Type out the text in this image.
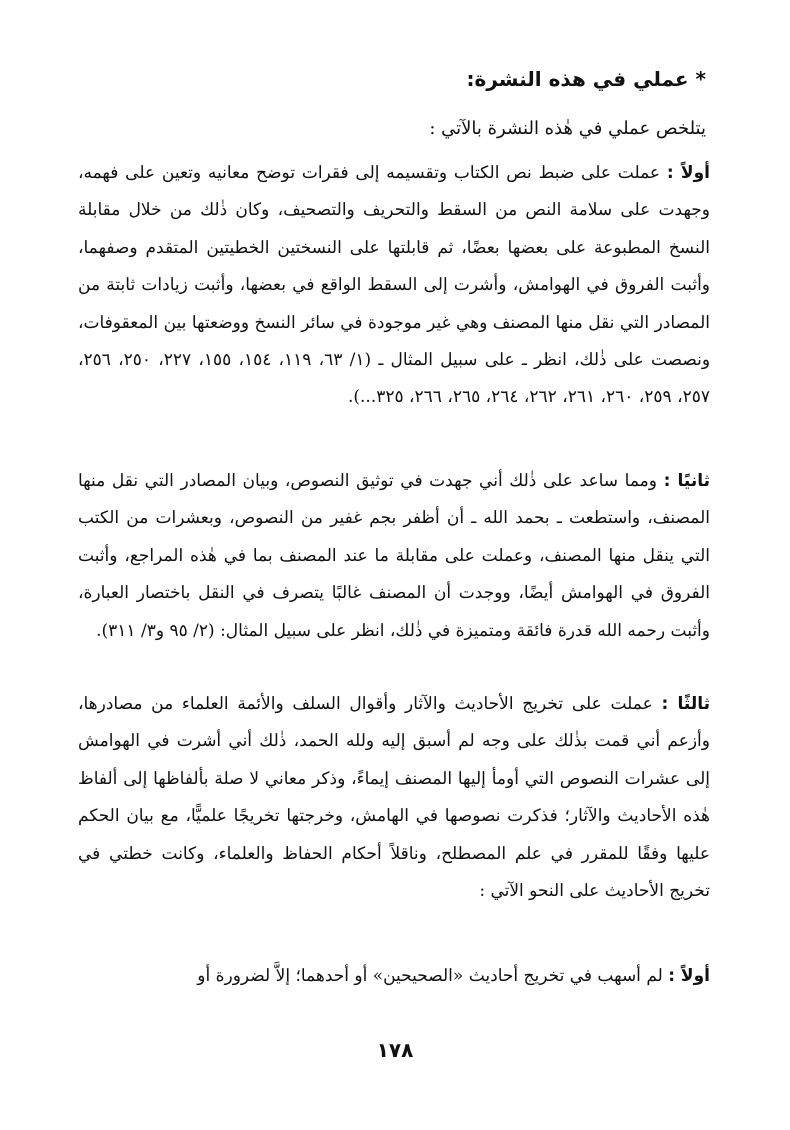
* عملي في هذه النشرة:
يتلخص عملي في هٰذه النشرة بالآتي :

أولاً : عملت على ضبط نص الكتاب وتقسيمه إلى فقرات توضح معانيه وتعين على فهمه، وجهدت على سلامة النص من السقط والتحريف والتصحيف، وكان ذٰلك من خلال مقابلة النسخ المطبوعة على بعضها بعضًا، ثم قابلتها على النسختين الخطيتين المتقدم وصفهما، وأثبت الفروق في الهوامش، وأشرت إلى السقط الواقع في بعضها، وأثبت زيادات ثابتة من المصادر التي نقل منها المصنف وهي غير موجودة في سائر النسخ ووضعتها بين المعقوفات، ونصصت على ذٰلك، انظر ـ على سبيل المثال ـ (١/ ٦٣، ١١٩، ١٥٤، ١٥٥، ٢٢٧، ٢٥٠، ٢٥٦، ٢٥٧، ٢٥٩، ٢٦٠، ٢٦١، ٢٦٢، ٢٦٤، ٢٦٥، ٢٦٦، ٣٢٥...).

ثانيًا : ومما ساعد على ذٰلك أني جهدت في توثيق النصوص، وبيان المصادر التي نقل منها المصنف، واستطعت ـ بحمد الله ـ أن أظفر بجم غفير من النصوص، وبعشرات من الكتب التي ينقل منها المصنف، وعملت على مقابلة ما عند المصنف بما في هٰذه المراجع، وأثبت الفروق في الهوامش أيضًا، ووجدت أن المصنف غالبًا يتصرف في النقل باختصار العبارة، وأثبت رحمه الله قدرة فائقة ومتميزة في ذٰلك، انظر على سبيل المثال: (٢/ ٩٥ و٣/ ٣١١).

ثالثًا : عملت على تخريج الأحاديث والآثار وأقوال السلف والأئمة العلماء من مصادرها، وأزعم أني قمت بذٰلك على وجه لم أسبق إليه ولله الحمد، ذٰلك أني أشرت في الهوامش إلى عشرات النصوص التي أومأ إليها المصنف إيماءً، وذكر معاني لا صلة بألفاظها إلى ألفاظ هٰذه الأحاديث والآثار؛ فذكرت نصوصها في الهامش، وخرجتها تخريجًا علميًّا، مع بيان الحكم عليها وفقًا للمقرر في علم المصطلح، وناقلاً أحكام الحفاظ والعلماء، وكانت خطتي في تخريج الأحاديث على النحو الآتي :

أولاً : لم أسهب في تخريج أحاديث «الصحيحين» أو أحدهما؛ إلاَّ لضرورة أو

١٧٨
